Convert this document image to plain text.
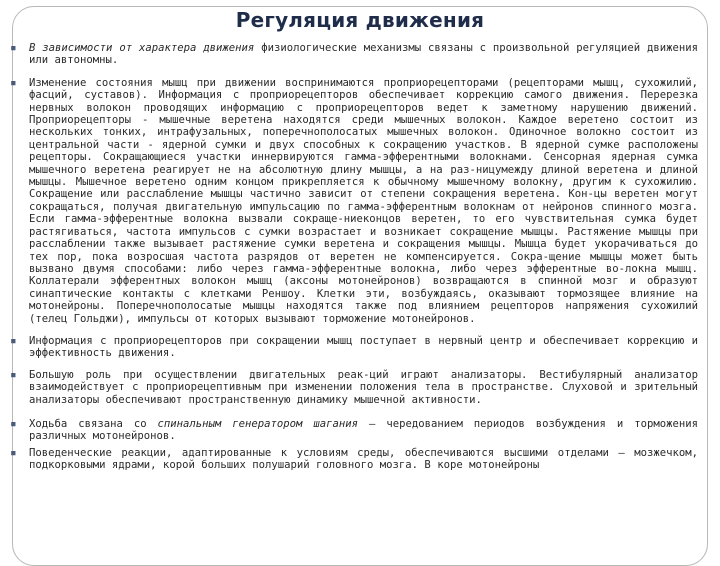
Регуляция движения
▪ В зависимости от характера движения физиологические механизмы связаны с произвольной регуляцией движения или автономны.
▪ Изменение состояния мышц при движении воспринимаются проприорецепторами (рецепторами мышц, сухожилий, фасций, суставов). Информация с проприорецепторов обеспечивает коррекцию самого движения. Перерезка нервных волокон проводящих информацию с проприорецепторов ведет к заметному нарушению движений. Проприорецепторы - мышечные веретена находятся среди мышечных волокон. Каждое веретено состоит из нескольких тонких, интрафузальных, поперечнополосатых мышечных волокон. Одиночное волокно состоит из центральной части - ядерной сумки и двух способных к сокращению участков. В ядерной сумке расположены рецепторы. Сокращающиеся участки иннервируются гамма-эфферентными волокнами. Сенсорная ядерная сумка мышечного веретена реагирует не на абсолютную длину мышцы, а на раз-ницумежду длиной веретена и длиной мышцы. Мышечное веретено одним концом прикрепляется к обычному мышечному волокну, другим к сухожилию. Сокращение или расслабление мышцы частично зависит от степени сокращения веретена. Кон-цы веретен могут сокращаться, получая двигательную импульсацию по гамма-эфферентным волокнам от нейронов спинного мозга. Если гамма-эфферентные волокна вызвали сокраще-ниеконцов веретен, то его чувствительная сумка будет растягиваться, частота импульсов с сумки возрастает и возникает сокращение мышцы. Растяжение мышцы при расслаблении также вызывает растяжение сумки веретена и сокращения мышцы. Мышца будет укорачиваться до тех пор, пока возросшая частота разрядов от веретен не компенсируется. Сокра-щение мышцы может быть вызвано двумя способами: либо через гамма-эфферентные волокна, либо через эфферентные во-локна мышц. Коллатерали эфферентных волокон мышц (аксоны мотонейронов) возвращаются в спинной мозг и образуют синаптические контакты с клетками Реншоу. Клетки эти, возбуждаясь, оказывают тормозящее влияние на мотонейроны. Поперечнополосатые мышцы находятся также под влиянием рецепторов напряжения сухожилий (телец Гольджи), импульсы от которых вызывают торможение мотонейронов.
▪ Информация с проприорецепторов при сокращении мышц поступает в нервный центр и обеспечивает коррекцию и эффективность движения.
▪ Большую роль при осуществлении двигательных реак-ций играют анализаторы. Вестибулярный анализатор взаимодействует с проприорецептивным при изменении положения тела в пространстве. Слуховой и зрительный анализаторы обеспечивают пространственную динамику мышечной активности.
▪ Ходьба связана со спинальным генератором шагания – чередованием периодов возбуждения и торможения различных мотонейронов.
▪ Поведенческие реакции, адаптированные к условиям среды, обеспечиваются высшими отделами – мозжечком, подкорковыми ядрами, корой больших полушарий головного мозга. В коре мотонейроны
